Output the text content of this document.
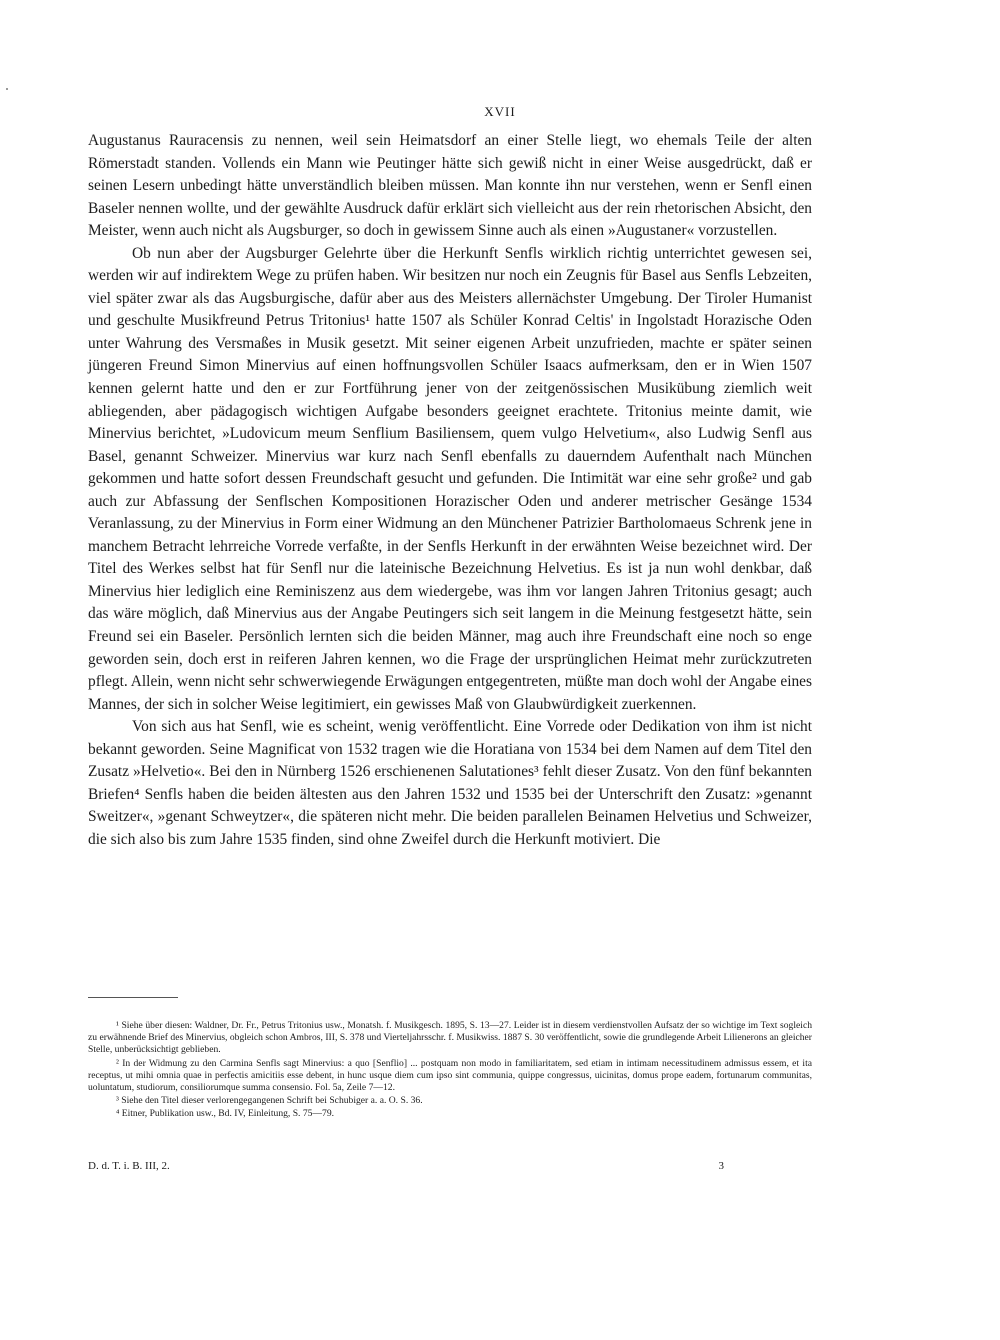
XVII

Augustanus Rauracensis zu nennen, weil sein Heimatsdorf an einer Stelle liegt, wo ehemals Teile der alten Römerstadt standen. Vollends ein Mann wie Peutinger hätte sich gewiß nicht in einer Weise ausgedrückt, daß er seinen Lesern unbedingt hätte unverständlich bleiben müssen. Man konnte ihn nur verstehen, wenn er Senfl einen Baseler nennen wollte, und der gewählte Ausdruck dafür erklärt sich vielleicht aus der rein rhetorischen Absicht, den Meister, wenn auch nicht als Augsburger, so doch in gewissem Sinne auch als einen »Augustaner« vorzustellen.

Ob nun aber der Augsburger Gelehrte über die Herkunft Senfls wirklich richtig unterrichtet gewesen sei, werden wir auf indirektem Wege zu prüfen haben. Wir besitzen nur noch ein Zeugnis für Basel aus Senfls Lebzeiten, viel später zwar als das Augsburgische, dafür aber aus des Meisters allernächster Umgebung. Der Tiroler Humanist und geschulte Musikfreund Petrus Tritonius¹ hatte 1507 als Schüler Konrad Celtis' in Ingolstadt Horazische Oden unter Wahrung des Versmaßes in Musik gesetzt. Mit seiner eigenen Arbeit unzufrieden, machte er später seinen jüngeren Freund Simon Minervius auf einen hoffnungsvollen Schüler Isaacs aufmerksam, den er in Wien 1507 kennen gelernt hatte und den er zur Fortführung jener von der zeitgenössischen Musikübung ziemlich weit abliegenden, aber pädagogisch wichtigen Aufgabe besonders geeignet erachtete. Tritonius meinte damit, wie Minervius berichtet, »Ludovicum meum Senflium Basiliensem, quem vulgo Helvetium«, also Ludwig Senfl aus Basel, genannt Schweizer. Minervius war kurz nach Senfl ebenfalls zu dauerndem Aufenthalt nach München gekommen und hatte sofort dessen Freundschaft gesucht und gefunden. Die Intimität war eine sehr große² und gab auch zur Abfassung der Senflschen Kompositionen Horazischer Oden und anderer metrischer Gesänge 1534 Veranlassung, zu der Minervius in Form einer Widmung an den Münchener Patrizier Bartholomaeus Schrenk jene in manchem Betracht lehrreiche Vorrede verfaßte, in der Senfls Herkunft in der erwähnten Weise bezeichnet wird. Der Titel des Werkes selbst hat für Senfl nur die lateinische Bezeichnung Helvetius. Es ist ja nun wohl denkbar, daß Minervius hier lediglich eine Reminiszenz aus dem wiedergebe, was ihm vor langen Jahren Tritonius gesagt; auch das wäre möglich, daß Minervius aus der Angabe Peutingers sich seit langem in die Meinung festgesetzt hätte, sein Freund sei ein Baseler. Persönlich lernten sich die beiden Männer, mag auch ihre Freundschaft eine noch so enge geworden sein, doch erst in reiferen Jahren kennen, wo die Frage der ursprünglichen Heimat mehr zurückzutreten pflegt. Allein, wenn nicht sehr schwerwiegende Erwägungen entgegentreten, müßte man doch wohl der Angabe eines Mannes, der sich in solcher Weise legitimiert, ein gewisses Maß von Glaubwürdigkeit zuerkennen.

Von sich aus hat Senfl, wie es scheint, wenig veröffentlicht. Eine Vorrede oder Dedikation von ihm ist nicht bekannt geworden. Seine Magnificat von 1532 tragen wie die Horatiana von 1534 bei dem Namen auf dem Titel den Zusatz »Helvetio«. Bei den in Nürnberg 1526 erschienenen Salutationes³ fehlt dieser Zusatz. Von den fünf bekannten Briefen⁴ Senfls haben die beiden ältesten aus den Jahren 1532 und 1535 bei der Unterschrift den Zusatz: »genannt Sweitzer«, »genant Schweytzer«, die späteren nicht mehr. Die beiden parallelen Beinamen Helvetius und Schweizer, die sich also bis zum Jahre 1535 finden, sind ohne Zweifel durch die Herkunft motiviert. Die

¹ Siehe über diesen: Waldner, Dr. Fr., Petrus Tritonius usw., Monatsh. f. Musikgesch. 1895, S. 13—27. Leider ist in diesem verdienstvollen Aufsatz der so wichtige im Text sogleich zu erwähnende Brief des Minervius, obgleich schon Ambros, III, S. 378 und Vierteljahrsschr. f. Musikwiss. 1887 S. 30 veröffentlicht, sowie die grundlegende Arbeit Lilienerons an gleicher Stelle, unberücksichtigt geblieben.

² In der Widmung zu den Carmina Senfls sagt Minervius: a quo [Senflio] ... postquam non modo in familiaritatem, sed etiam in intimam necessitudinem admissus essem, et ita receptus, ut mihi omnia quae in perfectis amicitiis esse debent, in hunc usque diem cum ipso sint communia, quippe congressus, uicinitas, domus prope eadem, fortunarum communitas, uoluntatum, studiorum, consiliorumque summa consensio. Fol. 5a, Zeile 7—12.

³ Siehe den Titel dieser verlorengegangenen Schrift bei Schubiger a. a. O. S. 36.

⁴ Eitner, Publikation usw., Bd. IV, Einleitung, S. 75—79.

D. d. T. i. B. III, 2.	3
